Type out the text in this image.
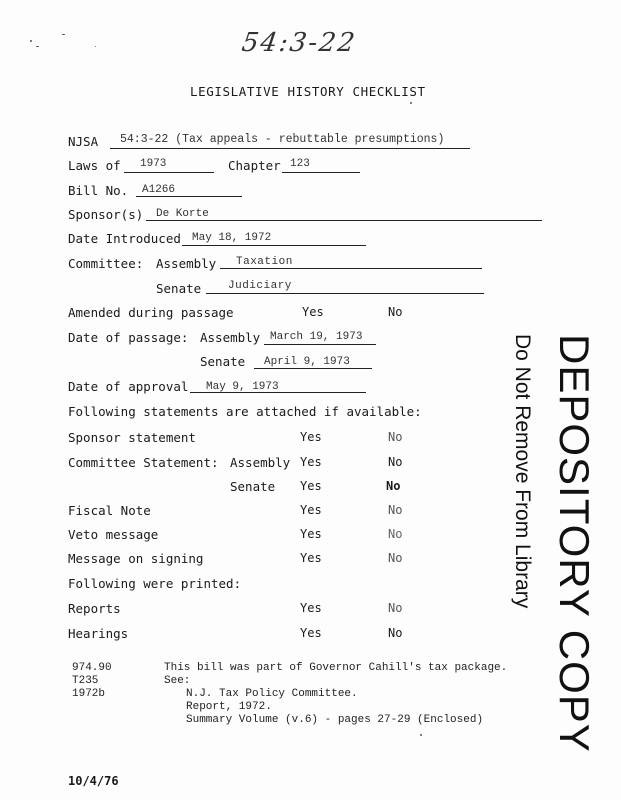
54:3-22
LEGISLATIVE HISTORY CHECKLIST
NJSA 54:3-22 (Tax appeals - rebuttable presumptions)
Laws of 1973	Chapter 123
Bill No. A1266
Sponsor(s) De Korte
Date Introduced May 18, 1972
Committee: Assembly Taxation
Senate Judiciary
Amended during passage	Yes	No
Date of passage: Assembly March 19, 1973
Senate April 9, 1973
Date of approval May 9, 1973
Following statements are attached if available:
Sponsor statement	Yes	No
Committee Statement: Assembly Yes	No
Senate Yes	No
Fiscal Note	Yes	No
Veto message	Yes	No
Message on signing	Yes	No
Following were printed:
Reports	Yes	No
Hearings	Yes	No
974.90
T235
1972b
This bill was part of Governor Cahill's tax package.
See:
N.J. Tax Policy Committee.
Report, 1972.
Summary Volume (v.6) - pages 27-29 (Enclosed) DEPOSITORY COPY
Do Not Remove From Library
10/4/76
